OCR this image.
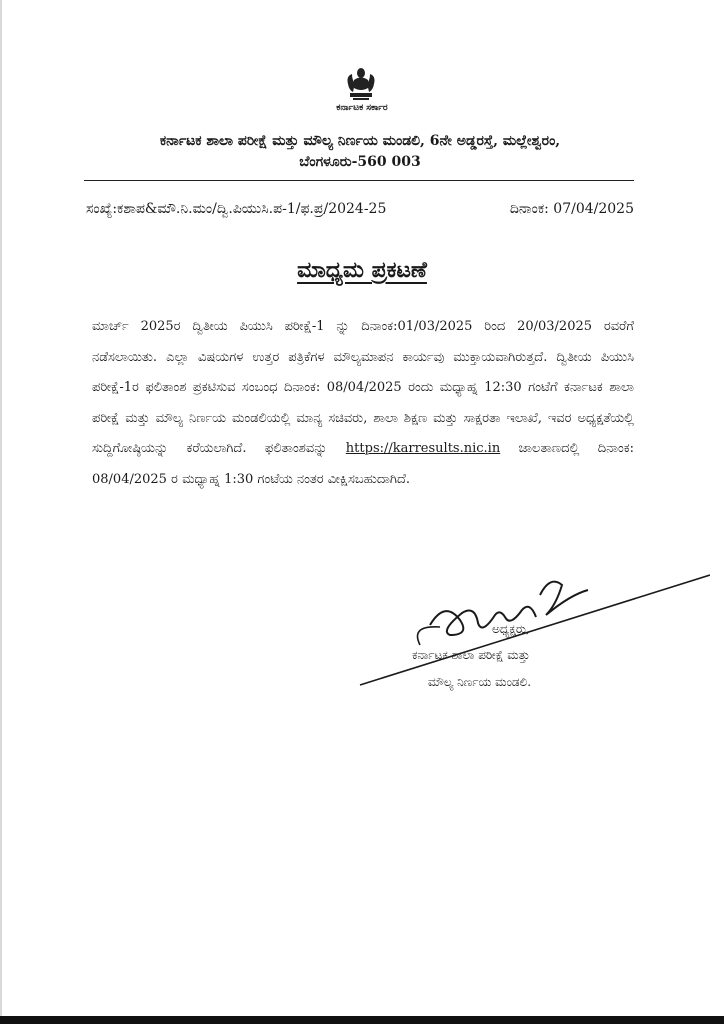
ಕರ್ನಾಟಕ ಸರ್ಕಾರ
ಕರ್ನಾಟಕ ಶಾಲಾ ಪರೀಕ್ಷೆ ಮತ್ತು ಮೌಲ್ಯ ನಿರ್ಣಯ ಮಂಡಲಿ, 6ನೇ ಅಡ್ಡರಸ್ತೆ, ಮಲ್ಲೇಶ್ವರಂ,
ಬೆಂಗಳೂರು-560 003
ಸಂಖ್ಯೆ:ಕಶಾಪ&ಮೌ.ನಿ.ಮಂ/ದ್ವಿ.ಪಿಯುಸಿ.ಪ-1/ಫ.ಪ್ರ/2024-25	ದಿನಾಂಕ: 07/04/2025
ಮಾಧ್ಯಮ ಪ್ರಕಟಣೆ
ಮಾರ್ಚ್ 2025ರ ದ್ವಿತೀಯ ಪಿಯುಸಿ ಪರೀಕ್ಷೆ-1 ನ್ನು ದಿನಾಂಕ:01/03/2025 ರಿಂದ 20/03/2025 ರವರೆಗೆ ನಡೆಸಲಾಯಿತು. ಎಲ್ಲಾ ವಿಷಯಗಳ ಉತ್ತರ ಪತ್ರಿಕೆಗಳ ಮೌಲ್ಯಮಾಪನ ಕಾರ್ಯವು ಮುಕ್ತಾಯವಾಗಿರುತ್ತದೆ. ದ್ವಿತೀಯ ಪಿಯುಸಿ ಪರೀಕ್ಷೆ-1ರ ಫಲಿತಾಂಶ ಪ್ರಕಟಿಸುವ ಸಂಬಂಧ ದಿನಾಂಕ: 08/04/2025 ರಂದು ಮಧ್ಯಾಹ್ನ 12:30 ಗಂಟೆಗೆ ಕರ್ನಾಟಕ ಶಾಲಾ ಪರೀಕ್ಷೆ ಮತ್ತು ಮೌಲ್ಯ ನಿರ್ಣಯ ಮಂಡಲಿಯಲ್ಲಿ ಮಾನ್ಯ ಸಚಿವರು, ಶಾಲಾ ಶಿಕ್ಷಣ ಮತ್ತು ಸಾಕ್ಷರತಾ ಇಲಾಖೆ, ಇವರ ಅಧ್ಯಕ್ಷತೆಯಲ್ಲಿ ಸುದ್ದಿಗೋಷ್ಠಿಯನ್ನು ಕರೆಯಲಾಗಿದೆ. ಫಲಿತಾಂಶವನ್ನು https://karresults.nic.in ಜಾಲತಾಣದಲ್ಲಿ ದಿನಾಂಕ: 08/04/2025 ರ ಮಧ್ಯಾಹ್ನ 1:30 ಗಂಟೆಯ ನಂತರ ವೀಕ್ಷಿಸಬಹುದಾಗಿದೆ.
ಅಧ್ಯಕ್ಷರು,
ಕರ್ನಾಟಕ ಶಾಲಾ ಪರೀಕ್ಷೆ ಮತ್ತು
ಮೌಲ್ಯ ನಿರ್ಣಯ ಮಂಡಲಿ.
